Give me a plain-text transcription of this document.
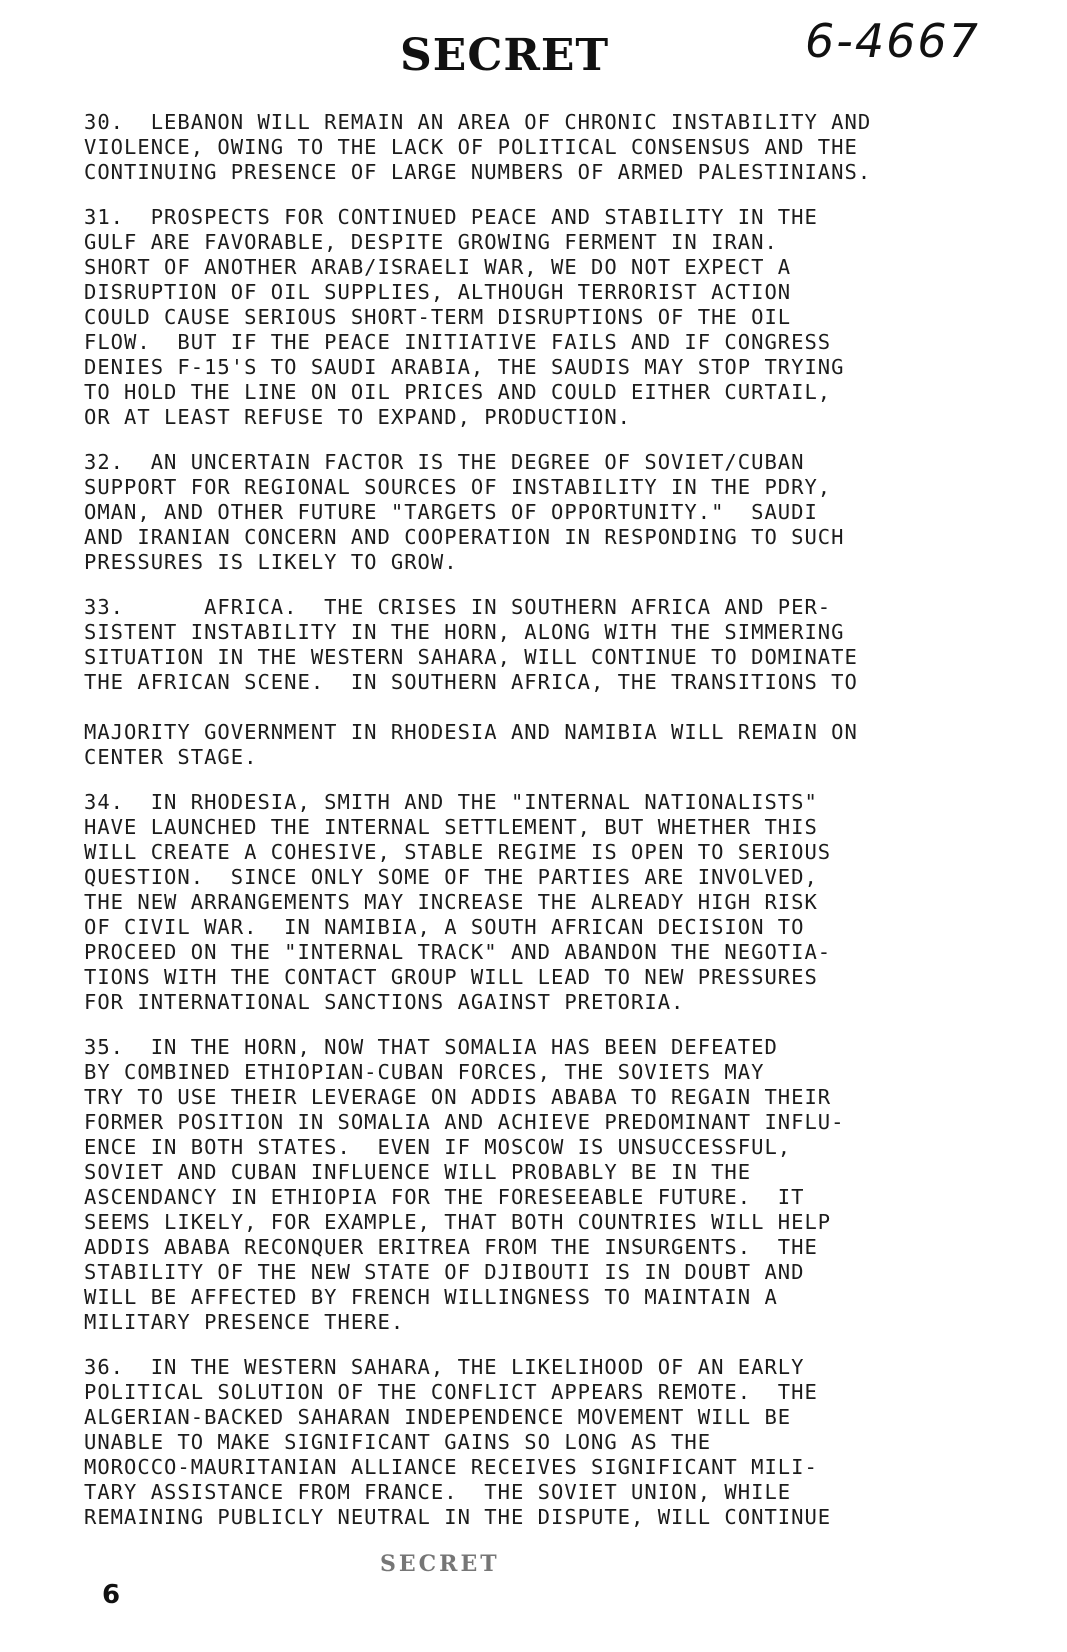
SECRET	6-4667

30.  LEBANON WILL REMAIN AN AREA OF CHRONIC INSTABILITY AND
VIOLENCE, OWING TO THE LACK OF POLITICAL CONSENSUS AND THE
CONTINUING PRESENCE OF LARGE NUMBERS OF ARMED PALESTINIANS.

31.  PROSPECTS FOR CONTINUED PEACE AND STABILITY IN THE
GULF ARE FAVORABLE, DESPITE GROWING FERMENT IN IRAN.
SHORT OF ANOTHER ARAB/ISRAELI WAR, WE DO NOT EXPECT A
DISRUPTION OF OIL SUPPLIES, ALTHOUGH TERRORIST ACTION
COULD CAUSE SERIOUS SHORT-TERM DISRUPTIONS OF THE OIL
FLOW.  BUT IF THE PEACE INITIATIVE FAILS AND IF CONGRESS
DENIES F-15'S TO SAUDI ARABIA, THE SAUDIS MAY STOP TRYING
TO HOLD THE LINE ON OIL PRICES AND COULD EITHER CURTAIL,
OR AT LEAST REFUSE TO EXPAND, PRODUCTION.

32.  AN UNCERTAIN FACTOR IS THE DEGREE OF SOVIET/CUBAN
SUPPORT FOR REGIONAL SOURCES OF INSTABILITY IN THE PDRY,
OMAN, AND OTHER FUTURE "TARGETS OF OPPORTUNITY."  SAUDI
AND IRANIAN CONCERN AND COOPERATION IN RESPONDING TO SUCH
PRESSURES IS LIKELY TO GROW.

33.      AFRICA.  THE CRISES IN SOUTHERN AFRICA AND PER-
SISTENT INSTABILITY IN THE HORN, ALONG WITH THE SIMMERING
SITUATION IN THE WESTERN SAHARA, WILL CONTINUE TO DOMINATE
THE AFRICAN SCENE.  IN SOUTHERN AFRICA, THE TRANSITIONS TO

MAJORITY GOVERNMENT IN RHODESIA AND NAMIBIA WILL REMAIN ON
CENTER STAGE.

34.  IN RHODESIA, SMITH AND THE "INTERNAL NATIONALISTS"
HAVE LAUNCHED THE INTERNAL SETTLEMENT, BUT WHETHER THIS
WILL CREATE A COHESIVE, STABLE REGIME IS OPEN TO SERIOUS
QUESTION.  SINCE ONLY SOME OF THE PARTIES ARE INVOLVED,
THE NEW ARRANGEMENTS MAY INCREASE THE ALREADY HIGH RISK
OF CIVIL WAR.  IN NAMIBIA, A SOUTH AFRICAN DECISION TO
PROCEED ON THE "INTERNAL TRACK" AND ABANDON THE NEGOTIA-
TIONS WITH THE CONTACT GROUP WILL LEAD TO NEW PRESSURES
FOR INTERNATIONAL SANCTIONS AGAINST PRETORIA.

35.  IN THE HORN, NOW THAT SOMALIA HAS BEEN DEFEATED
BY COMBINED ETHIOPIAN-CUBAN FORCES, THE SOVIETS MAY
TRY TO USE THEIR LEVERAGE ON ADDIS ABABA TO REGAIN THEIR
FORMER POSITION IN SOMALIA AND ACHIEVE PREDOMINANT INFLU-
ENCE IN BOTH STATES.  EVEN IF MOSCOW IS UNSUCCESSFUL,
SOVIET AND CUBAN INFLUENCE WILL PROBABLY BE IN THE
ASCENDANCY IN ETHIOPIA FOR THE FORESEEABLE FUTURE.  IT
SEEMS LIKELY, FOR EXAMPLE, THAT BOTH COUNTRIES WILL HELP
ADDIS ABABA RECONQUER ERITREA FROM THE INSURGENTS.  THE
STABILITY OF THE NEW STATE OF DJIBOUTI IS IN DOUBT AND
WILL BE AFFECTED BY FRENCH WILLINGNESS TO MAINTAIN A
MILITARY PRESENCE THERE.

36.  IN THE WESTERN SAHARA, THE LIKELIHOOD OF AN EARLY
POLITICAL SOLUTION OF THE CONFLICT APPEARS REMOTE.  THE
ALGERIAN-BACKED SAHARAN INDEPENDENCE MOVEMENT WILL BE
UNABLE TO MAKE SIGNIFICANT GAINS SO LONG AS THE
MOROCCO-MAURITANIAN ALLIANCE RECEIVES SIGNIFICANT MILI-
TARY ASSISTANCE FROM FRANCE.  THE SOVIET UNION, WHILE
REMAINING PUBLICLY NEUTRAL IN THE DISPUTE, WILL CONTINUE

SECRET
6
